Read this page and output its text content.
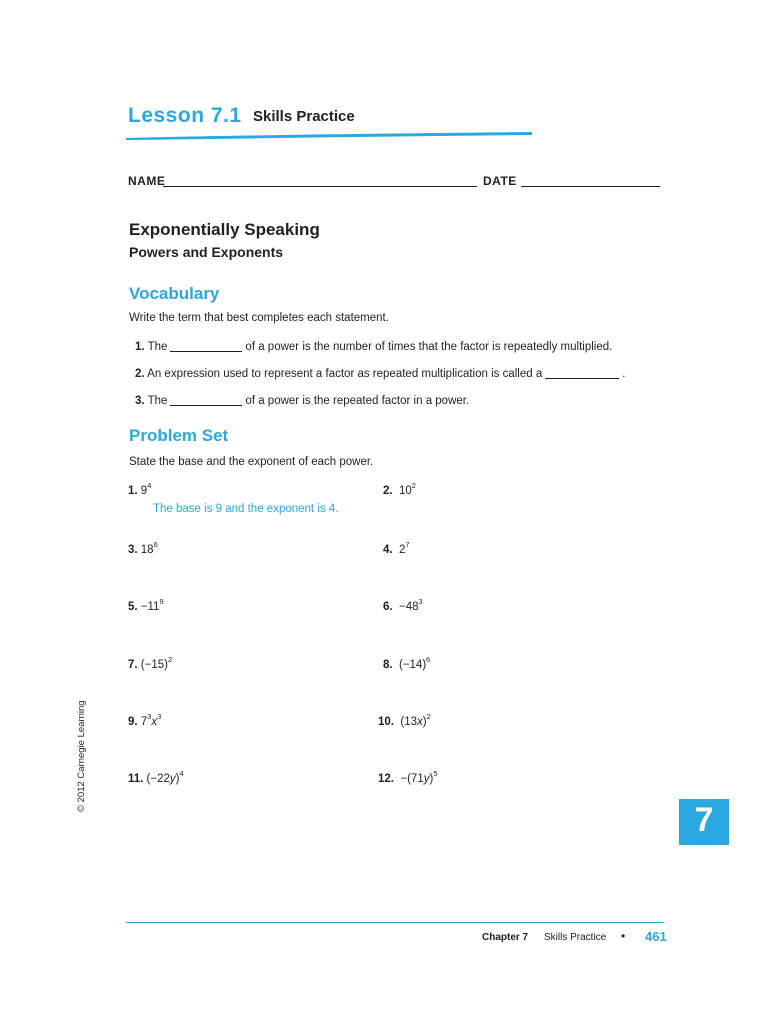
Lesson 7.1 Skills Practice
NAME	DATE
Exponentially Speaking
Powers and Exponents
Vocabulary
Write the term that best completes each statement.
1. The	of a power is the number of times that the factor is repeatedly multiplied.
2. An expression used to represent a factor as repeated multiplication is called a	.
3. The	of a power is the repeated factor in a power.
Problem Set
State the base and the exponent of each power.
1. $9^4$	2.  $10^2$
The base is 9 and the exponent is 4.
3. $18^6$	4.  $2^7$
5. $-11^9$	6.  $-48^3$
7. $(-15)^2$	8.  $(-14)^6$
9. $7^3x^3$	10.  $(13x)^2$
11. $(-22y)^4$	12.  $-(71y)^5$
© 2012 Carnegie Learning
7
Chapter 7 Skills Practice • 461
